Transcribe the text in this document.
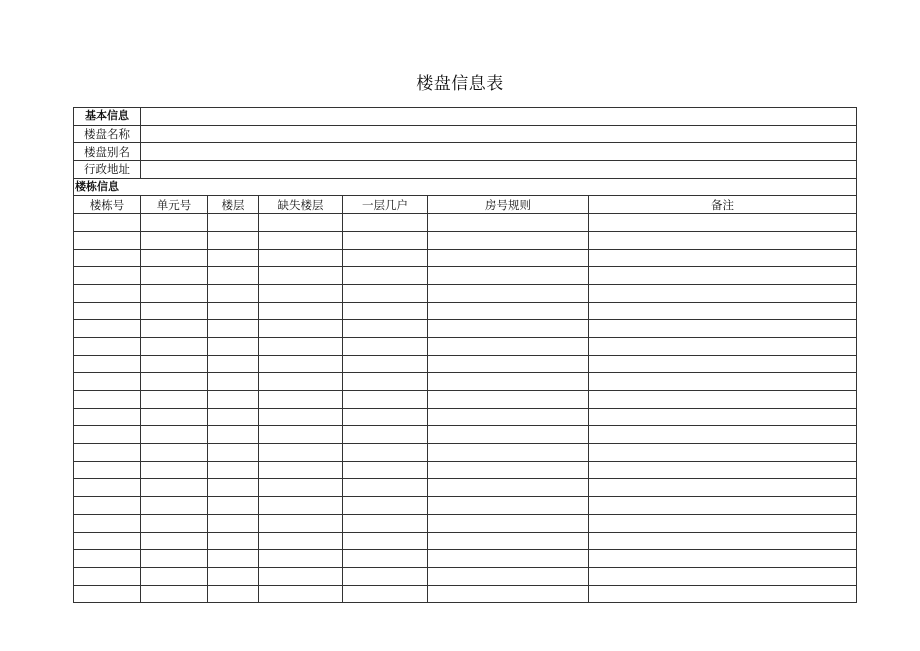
楼盘信息表
基本信息						
楼盘名称						
楼盘别名						
行政地址						
楼栋信息						
楼栋号	单元号	楼层	缺失楼层	一层几户	房号规则	备注
